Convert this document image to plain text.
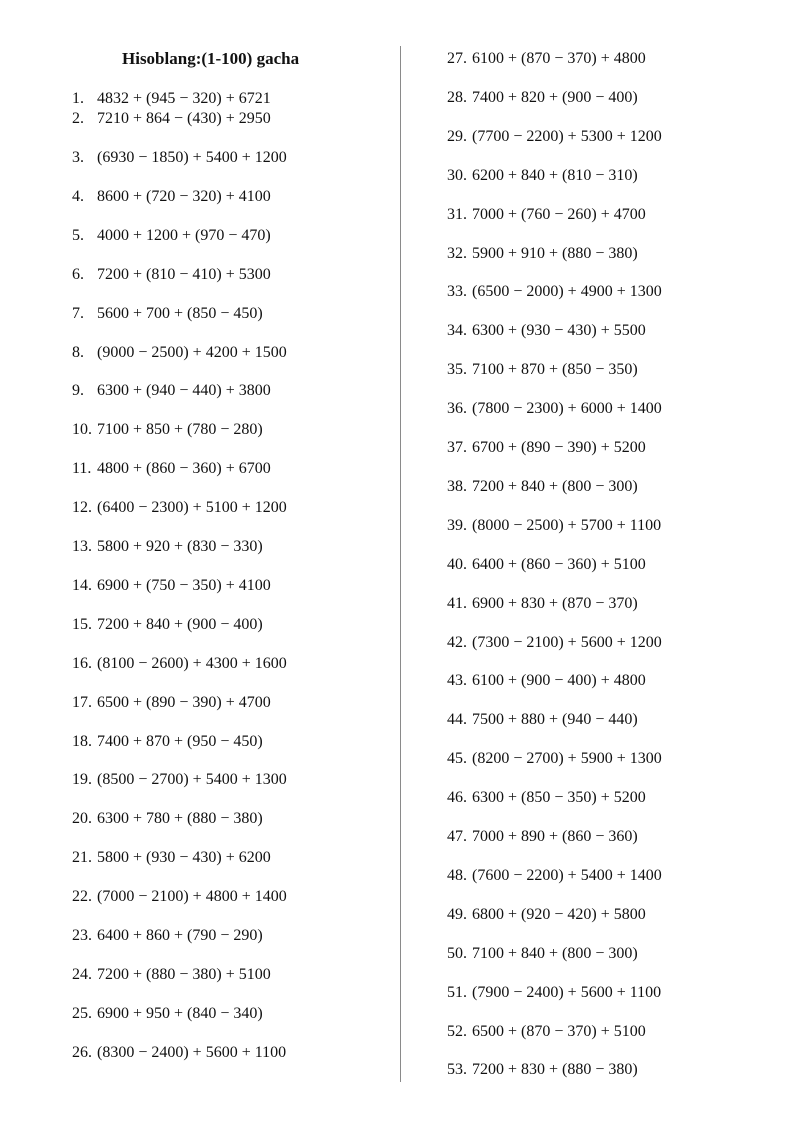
Hisoblang:(1-100) gacha
1. 4832 + (945 − 320) + 6721
2. 7210 + 864 − (430) + 2950
3. (6930 − 1850) + 5400 + 1200
4. 8600 + (720 − 320) + 4100
5. 4000 + 1200 + (970 − 470)
6. 7200 + (810 − 410) + 5300
7. 5600 + 700 + (850 − 450)
8. (9000 − 2500) + 4200 + 1500
9. 6300 + (940 − 440) + 3800
10. 7100 + 850 + (780 − 280)
11. 4800 + (860 − 360) + 6700
12. (6400 − 2300) + 5100 + 1200
13. 5800 + 920 + (830 − 330)
14. 6900 + (750 − 350) + 4100
15. 7200 + 840 + (900 − 400)
16. (8100 − 2600) + 4300 + 1600
17. 6500 + (890 − 390) + 4700
18. 7400 + 870 + (950 − 450)
19. (8500 − 2700) + 5400 + 1300
20. 6300 + 780 + (880 − 380)
21. 5800 + (930 − 430) + 6200
22. (7000 − 2100) + 4800 + 1400
23. 6400 + 860 + (790 − 290)
24. 7200 + (880 − 380) + 5100
25. 6900 + 950 + (840 − 340)
26. (8300 − 2400) + 5600 + 1100
27. 6100 + (870 − 370) + 4800
28. 7400 + 820 + (900 − 400)
29. (7700 − 2200) + 5300 + 1200
30. 6200 + 840 + (810 − 310)
31. 7000 + (760 − 260) + 4700
32. 5900 + 910 + (880 − 380)
33. (6500 − 2000) + 4900 + 1300
34. 6300 + (930 − 430) + 5500
35. 7100 + 870 + (850 − 350)
36. (7800 − 2300) + 6000 + 1400
37. 6700 + (890 − 390) + 5200
38. 7200 + 840 + (800 − 300)
39. (8000 − 2500) + 5700 + 1100
40. 6400 + (860 − 360) + 5100
41. 6900 + 830 + (870 − 370)
42. (7300 − 2100) + 5600 + 1200
43. 6100 + (900 − 400) + 4800
44. 7500 + 880 + (940 − 440)
45. (8200 − 2700) + 5900 + 1300
46. 6300 + (850 − 350) + 5200
47. 7000 + 890 + (860 − 360)
48. (7600 − 2200) + 5400 + 1400
49. 6800 + (920 − 420) + 5800
50. 7100 + 840 + (800 − 300)
51. (7900 − 2400) + 5600 + 1100
52. 6500 + (870 − 370) + 5100
53. 7200 + 830 + (880 − 380)
